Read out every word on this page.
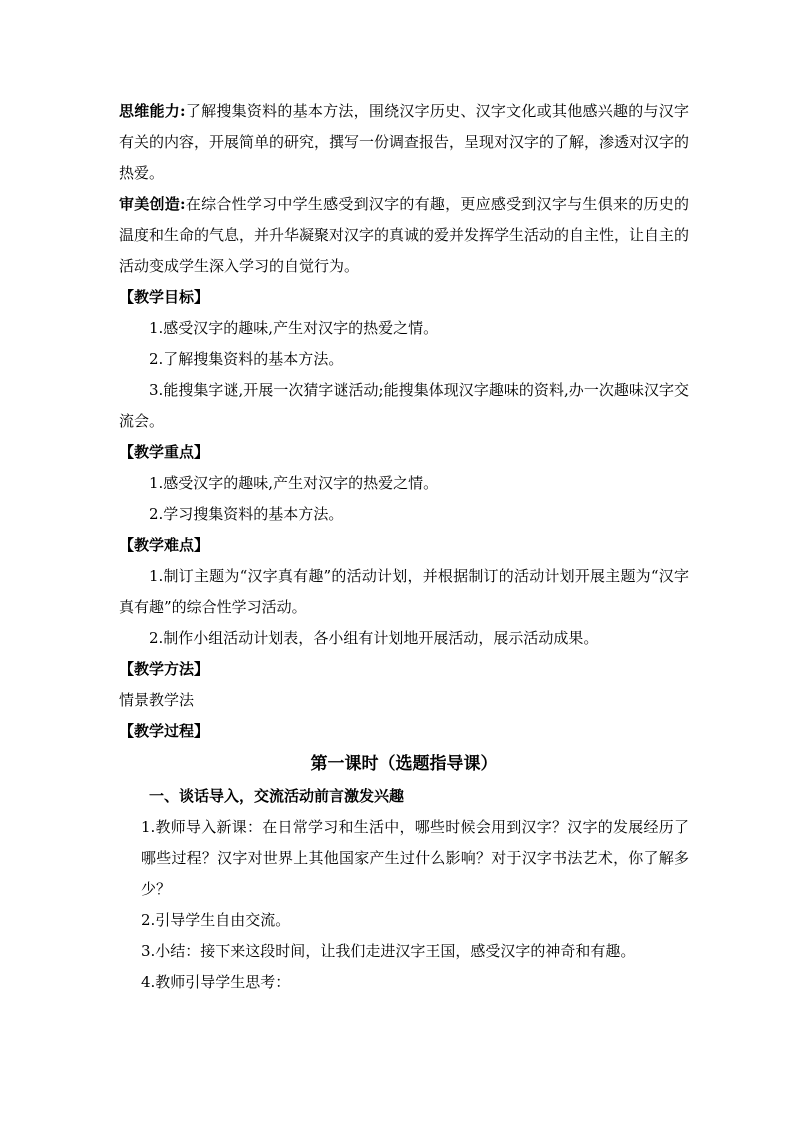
思维能力:了解搜集资料的基本方法，围绕汉字历史、汉字文化或其他感兴趣的与汉字有关的内容，开展简单的研究，撰写一份调查报告，呈现对汉字的了解，渗透对汉字的热爱。

审美创造:在综合性学习中学生感受到汉字的有趣，更应感受到汉字与生俱来的历史的温度和生命的气息，并升华凝聚对汉字的真诚的爱并发挥学生活动的自主性，让自主的活动变成学生深入学习的自觉行为。

【教学目标】

1.感受汉字的趣味,产生对汉字的热爱之情。

2.了解搜集资料的基本方法。

3.能搜集字谜,开展一次猜字谜活动;能搜集体现汉字趣味的资料,办一次趣味汉字交流会。

【教学重点】

1.感受汉字的趣味,产生对汉字的热爱之情。

2.学习搜集资料的基本方法。

【教学难点】

1.制订主题为“汉字真有趣”的活动计划，并根据制订的活动计划开展主题为“汉字真有趣”的综合性学习活动。

2.制作小组活动计划表，各小组有计划地开展活动，展示活动成果。

【教学方法】

情景教学法

【教学过程】

第一课时（选题指导课）

一、谈话导入，交流活动前言激发兴趣

1.教师导入新课：在日常学习和生活中，哪些时候会用到汉字？汉字的发展经历了哪些过程？汉字对世界上其他国家产生过什么影响？对于汉字书法艺术，你了解多少？

2.引导学生自由交流。

3.小结：接下来这段时间，让我们走进汉字王国，感受汉字的神奇和有趣。

4.教师引导学生思考：
